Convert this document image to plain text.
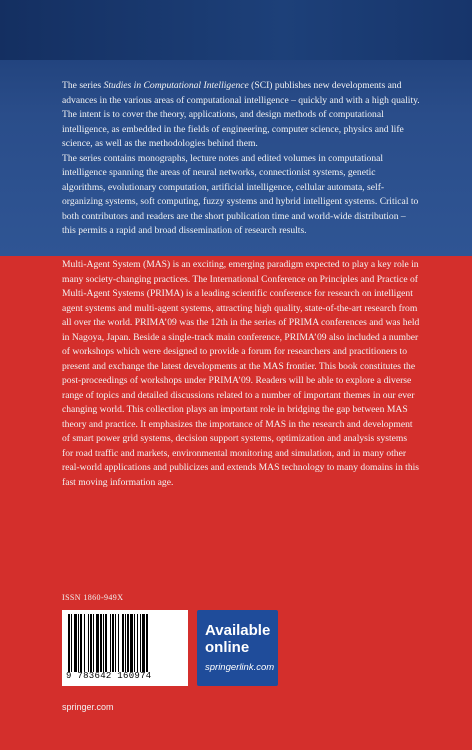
The series Studies in Computational Intelligence (SCI) publishes new developments and advances in the various areas of computational intelligence – quickly and with a high quality. The intent is to cover the theory, applications, and design methods of computational intelligence, as embedded in the fields of engineering, computer science, physics and life science, as well as the methodologies behind them.
The series contains monographs, lecture notes and edited volumes in computational intelligence spanning the areas of neural networks, connectionist systems, genetic algorithms, evolutionary computation, artificial intelligence, cellular automata, self-organizing systems, soft computing, fuzzy systems and hybrid intelligent systems. Critical to both contributors and readers are the short publication time and world-wide distribution – this permits a rapid and broad dissemination of research results.

Multi-Agent System (MAS) is an exciting, emerging paradigm expected to play a key role in many society-changing practices. The International Conference on Principles and Practice of Multi-Agent Systems (PRIMA) is a leading scientific conference for research on intelligent agent systems and multi-agent systems, attracting high quality, state-of-the-art research from all over the world. PRIMA’09 was the 12th in the series of PRIMA conferences and was held in Nagoya, Japan. Beside a single-track main conference, PRIMA’09 also included a number of workshops which were designed to provide a forum for researchers and practitioners to present and exchange the latest developments at the MAS frontier. This book constitutes the post-proceedings of workshops under PRIMA’09. Readers will be able to explore a diverse range of topics and detailed discussions related to a number of important themes in our ever changing world. This collection plays an important role in bridging the gap between MAS theory and practice. It emphasizes the importance of MAS in the research and development of smart power grid systems, decision support systems, optimization and analysis systems for road traffic and markets, environmental monitoring and simulation, and in many other real-world applications and publicizes and extends MAS technology to many domains in this fast moving information age.

ISSN 1860-949X
9 783642 160974
Available
online
springerlink.com
springer.com
